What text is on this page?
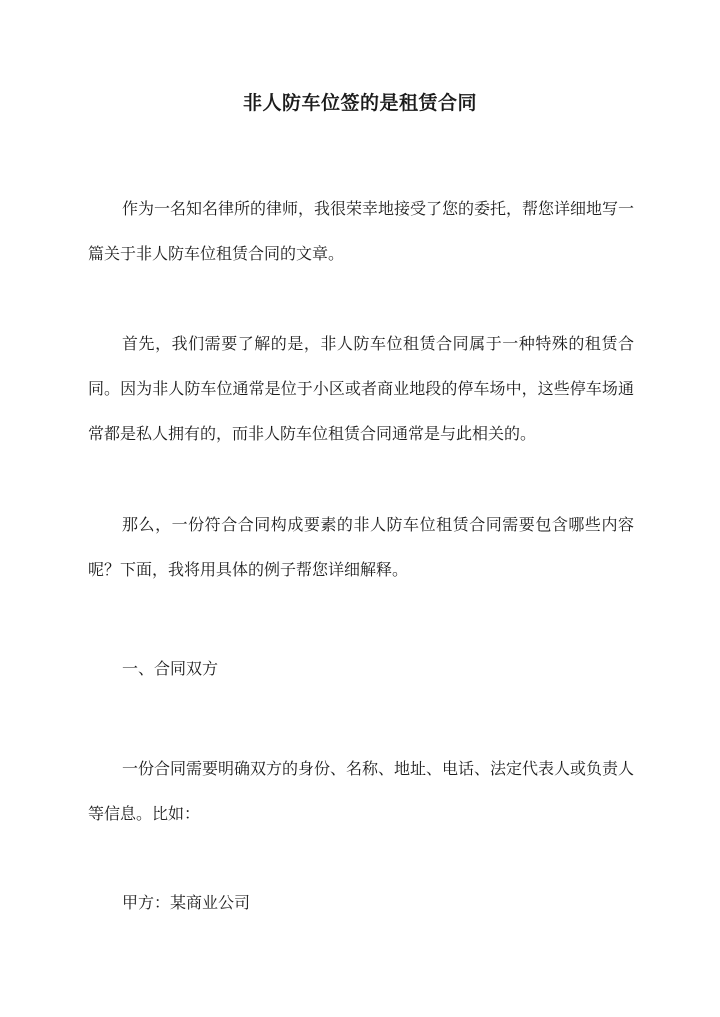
非人防车位签的是租赁合同
作为一名知名律所的律师，我很荣幸地接受了您的委托，帮您详细地写一篇关于非人防车位租赁合同的文章。
首先，我们需要了解的是，非人防车位租赁合同属于一种特殊的租赁合同。因为非人防车位通常是位于小区或者商业地段的停车场中，这些停车场通常都是私人拥有的，而非人防车位租赁合同通常是与此相关的。
那么，一份符合合同构成要素的非人防车位租赁合同需要包含哪些内容呢？下面，我将用具体的例子帮您详细解释。
一、合同双方
一份合同需要明确双方的身份、名称、地址、电话、法定代表人或负责人等信息。比如：
甲方：某商业公司
